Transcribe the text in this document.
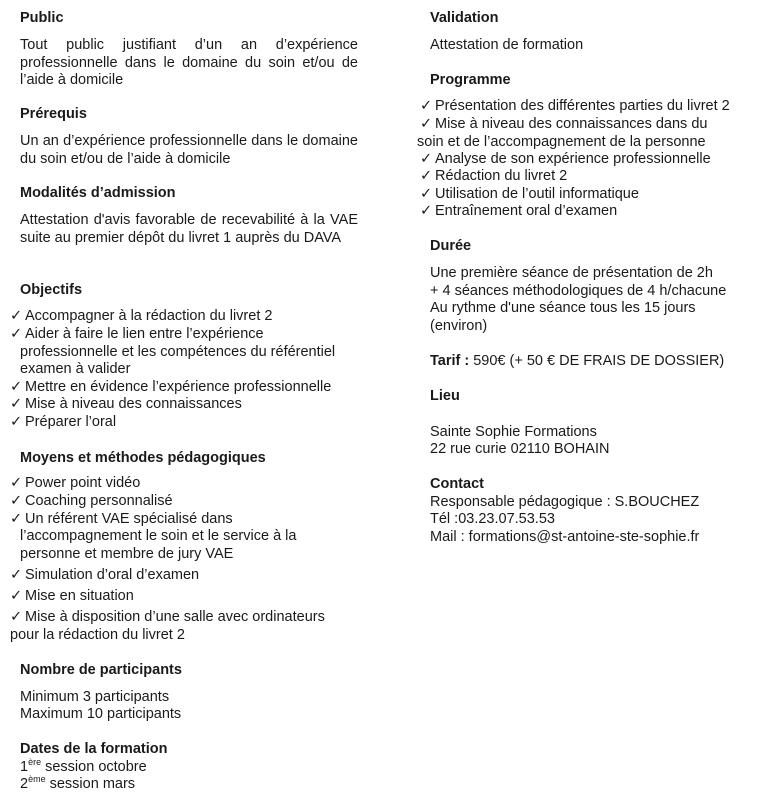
Public
Tout public justifiant d’un an d’expérience professionnelle dans le domaine du soin et/ou de l’aide à domicile
Prérequis
Un an d’expérience professionnelle dans le domaine du soin et/ou de l’aide à domicile
Modalités d’admission
Attestation d'avis favorable de recevabilité à la VAE suite au premier dépôt du livret 1 auprès du DAVA
Objectifs
✓ Accompagner à la rédaction du livret 2
✓ Aider à faire le lien entre l’expérience
professionnelle et les compétences du référentiel
examen à valider
✓ Mettre en évidence l’expérience professionnelle
✓ Mise à niveau des connaissances
✓ Préparer l’oral
Moyens et méthodes pédagogiques
✓ Power point vidéo
✓ Coaching personnalisé
✓ Un référent VAE spécialisé dans
l’accompagnement le soin et le service à la
personne et membre de jury VAE
✓ Simulation d’oral d’examen
✓ Mise en situation
✓ Mise à disposition d’une salle avec ordinateurs
pour la rédaction du livret 2
Nombre de participants
Minimum 3 participants
Maximum 10 participants
Dates de la formation
1ère session octobre
2ème session mars
Validation
Attestation de formation
Programme
✓ Présentation des différentes parties du livret 2
✓ Mise à niveau des connaissances dans du
soin et de l’accompagnement de la personne
✓ Analyse de son expérience professionnelle
✓ Rédaction du livret 2
✓ Utilisation de l’outil informatique
✓ Entraînement oral d’examen
Durée
Une première séance de présentation de 2h
+ 4 séances méthodologiques de 4 h/chacune
Au rythme d'une séance tous les 15 jours
(environ)
Tarif : 590€ (+ 50 € DE FRAIS DE DOSSIER)
Lieu
Sainte Sophie Formations
22 rue curie 02110 BOHAIN
Contact
Responsable pédagogique : S.BOUCHEZ
Tél :03.23.07.53.53
Mail : formations@st-antoine-ste-sophie.fr
